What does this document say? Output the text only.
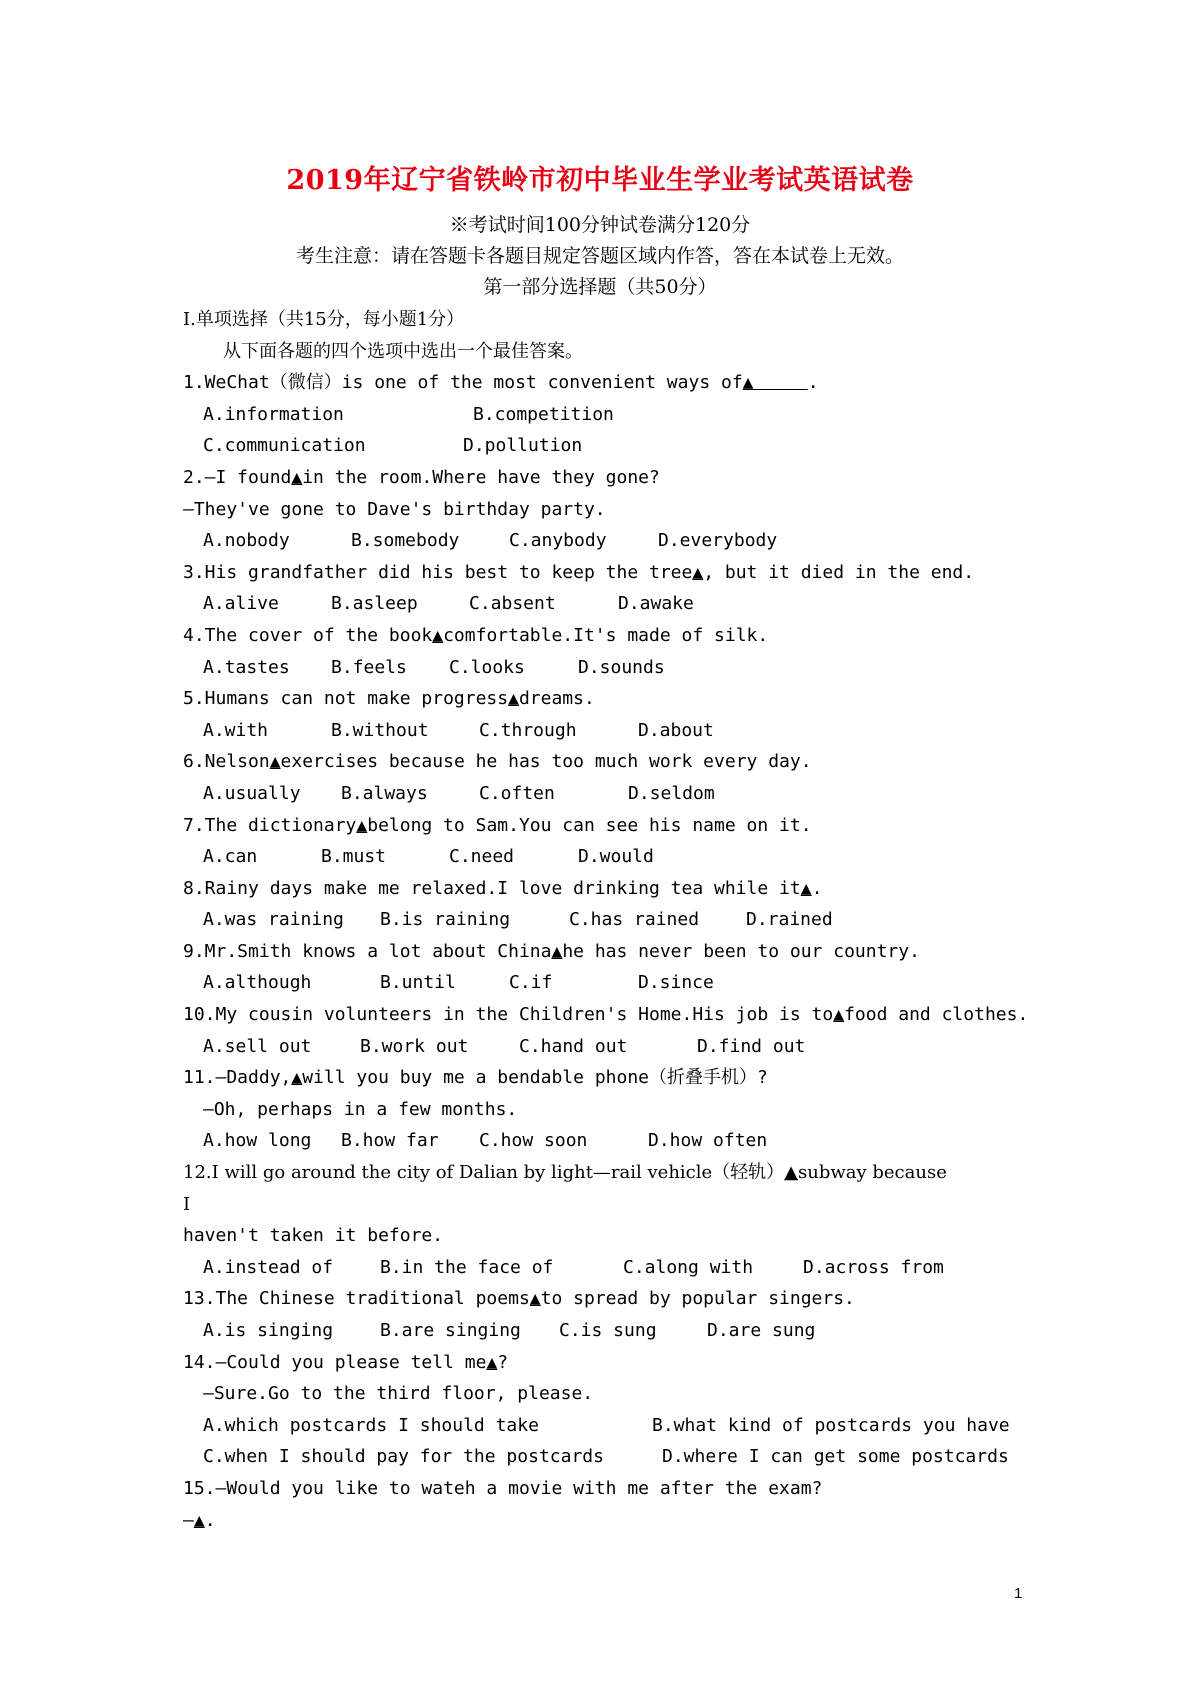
2019年辽宁省铁岭市初中毕业生学业考试英语试卷
※考试时间100分钟试卷满分120分
考生注意：请在答题卡各题目规定答题区域内作答，答在本试卷上无效。
第一部分选择题（共50分）
I.单项选择（共15分，每小题1分）
从下面各题的四个选项中选出一个最佳答案。
1.WeChat（微信）is one of the most convenient ways of▲	.
A.information	B.competition
C.communication	D.pollution
2.—I found▲in the room.Where have they gone?
—They've gone to Dave's birthday party.
A.nobody	B.somebody	C.anybody	D.everybody
3.His grandfather did his best to keep the tree▲, but it died in the end.
A.alive	B.asleep	C.absent	D.awake
4.The cover of the book▲comfortable.It's made of silk.
A.tastes B.feels C.looks	D.sounds
5.Humans can not make progress▲dreams.
A.with	B.without	C.through	D.about
6.Nelson▲exercises because he has too much work every day.
A.usually B.always	C.often	D.seldom
7.The dictionary▲belong to Sam.You can see his name on it.
A.can	B.must	C.need	D.would
8.Rainy days make me relaxed.I love drinking tea while it▲.
A.was raining B.is raining	C.has rained	D.rained
9.Mr.Smith knows a lot about China▲he has never been to our country.
A.although	B.until	C.if	D.since
10.My cousin volunteers in the Children's Home.His job is to▲food and clothes.
A.sell out	B.work out	C.hand out	D.find out
11.—Daddy,▲will you buy me a bendable phone（折叠手机）?
—Oh, perhaps in a few months.
A.how long B.how far C.how soon	D.how often
12.I will go around the city of Dalian by light—rail vehicle（轻轨）▲subway because
I
haven't taken it before.
A.instead of	B.in the face of	C.along with	D.across from
13.The Chinese traditional poems▲to spread by popular singers.
A.is singing	B.are singing C.is sung	D.are sung
14.—Could you please tell me▲?
—Sure.Go to the third floor, please.
A.which postcards I should take	B.what kind of postcards you have
C.when I should pay for the postcards	D.where I can get some postcards
15.—Would you like to wateh a movie with me after the exam?
—▲.
1
